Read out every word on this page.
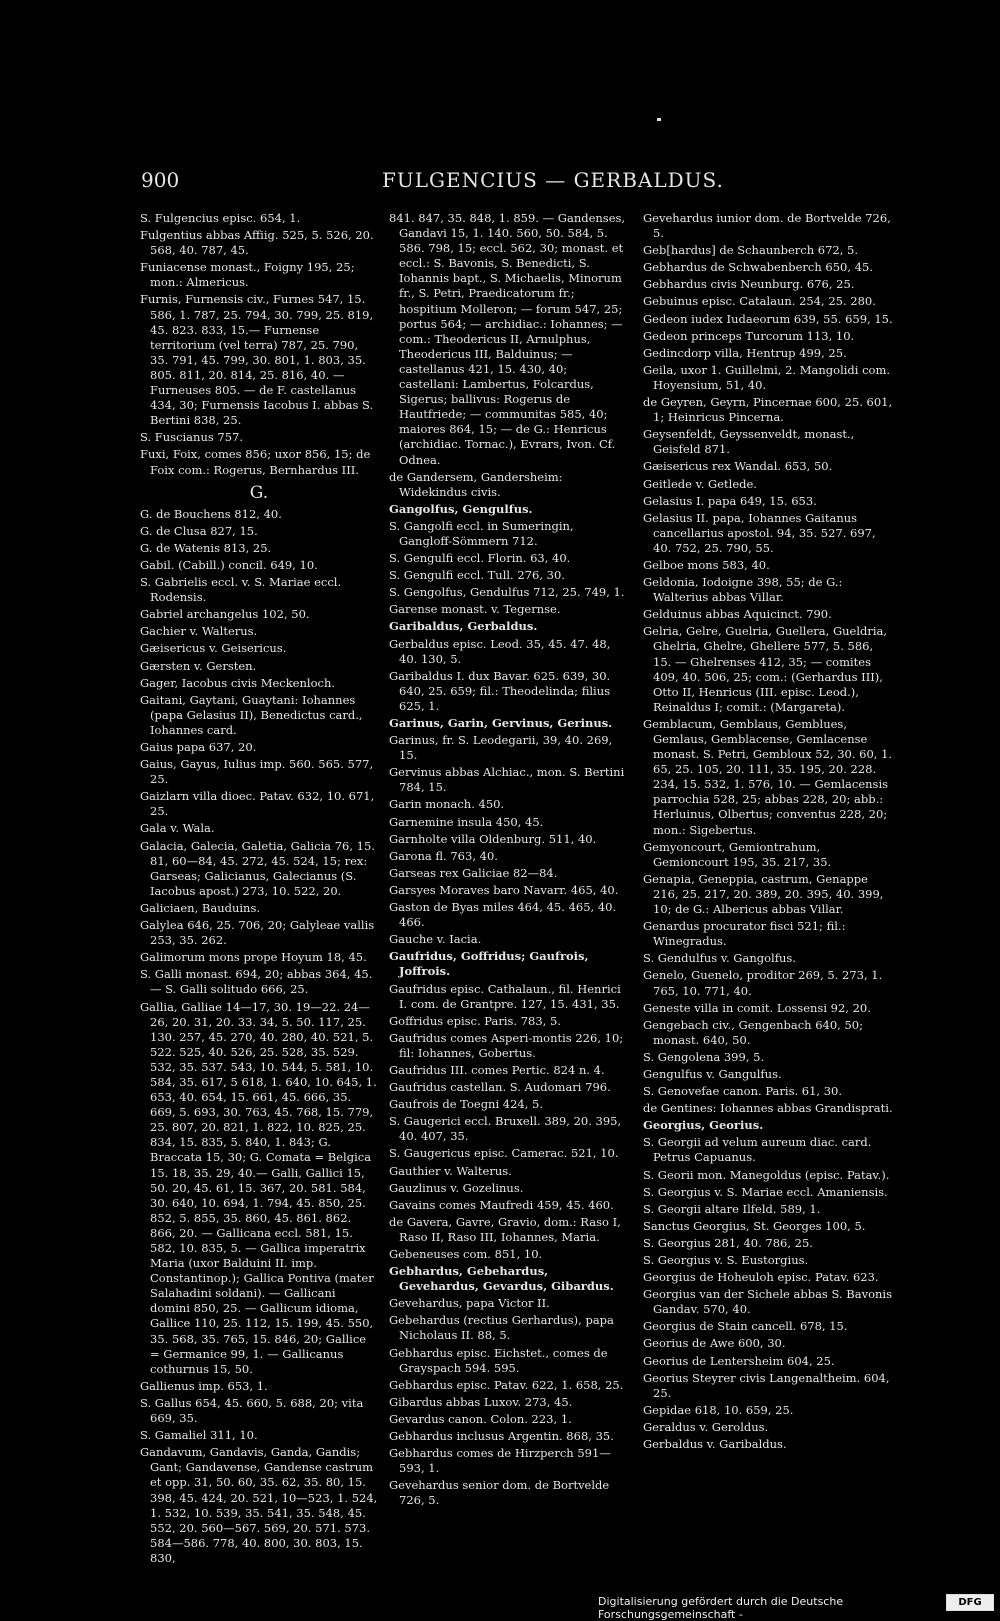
900	FULGENCIUS — GERBALDUS.
S. Fulgencius episc. 654, 1.
Fulgentius abbas Affiig. 525, 5. 526, 20. 568, 40. 787, 45.
Funiacense monast., Foigny 195, 25; mon.: Almericus.
Furnis, Furnensis civ., Furnes 547, 15. 586, 1. 787, 25. 794, 30. 799, 25. 819, 45. 823. 833, 15.— Furnense territorium (vel terra) 787, 25. 790, 35. 791, 45. 799, 30. 801, 1. 803, 35. 805. 811, 20. 814, 25. 816, 40. — Furneuses 805. — de F. castellanus 434, 30; Furnensis Iacobus I. abbas S. Bertini 838, 25.
S. Fuscianus 757.
Fuxi, Foix, comes 856; uxor 856, 15; de Foix com.: Rogerus, Bernhardus III.
G.
G. de Bouchens 812, 40.
G. de Clusa 827, 15.
G. de Watenis 813, 25.
Gabil. (Cabill.) concil. 649, 10.
S. Gabrielis eccl. v. S. Mariae eccl. Rodensis.
Gabriel archangelus 102, 50.
Gachier v. Walterus.
Gæisericus v. Geisericus.
Gærsten v. Gersten.
Gager, Iacobus civis Meckenloch.
Gaitani, Gaytani, Guaytani: Iohannes (papa Gelasius II), Benedictus card., Iohannes card.
Gaius papa 637, 20.
Gaius, Gayus, Iulius imp. 560. 565. 577, 25.
Gaizlarn villa dioec. Patav. 632, 10. 671, 25.
Gala v. Wala.
Galacia, Galecia, Galetia, Galicia 76, 15. 81, 60—84, 45. 272, 45. 524, 15; rex: Garseas; Galicianus, Galecianus (S. Iacobus apost.) 273, 10. 522, 20.
Galiciaen, Bauduins.
Galylea 646, 25. 706, 20; Galyleae vallis 253, 35. 262.
Galimorum mons prope Hoyum 18, 45.
S. Galli monast. 694, 20; abbas 364, 45. — S. Galli solitudo 666, 25.
Gallia, Galliae 14—17, 30. 19—22. 24—26, 20. 31, 20. 33. 34, 5. 50. 117, 25. 130. 257, 45. 270, 40. 280, 40. 521, 5. 522. 525, 40. 526, 25. 528, 35. 529. 532, 35. 537. 543, 10. 544, 5. 581, 10. 584, 35. 617, 5 618, 1. 640, 10. 645, 1. 653, 40. 654, 15. 661, 45. 666, 35. 669, 5. 693, 30. 763, 45. 768, 15. 779, 25. 807, 20. 821, 1. 822, 10. 825, 25. 834, 15. 835, 5. 840, 1. 843; G. Braccata 15, 30; G. Comata = Belgica 15. 18, 35. 29, 40.— Galli, Gallici 15, 50. 20, 45. 61, 15. 367, 20. 581. 584, 30. 640, 10. 694, 1. 794, 45. 850, 25. 852, 5. 855, 35. 860, 45. 861. 862. 866, 20. — Gallicana eccl. 581, 15. 582, 10. 835, 5. — Gallica imperatrix Maria (uxor Balduini II. imp. Constantinop.); Gallica Pontiva (mater Salahadini soldani). — Gallicani domini 850, 25. — Gallicum idioma, Gallice 110, 25. 112, 15. 199, 45. 550, 35. 568, 35. 765, 15. 846, 20; Gallice = Germanice 99, 1. — Gallicanus cothurnus 15, 50.
Gallienus imp. 653, 1.
S. Gallus 654, 45. 660, 5. 688, 20; vita 669, 35.
S. Gamaliel 311, 10.
Gandavum, Gandavis, Ganda, Gandis; Gant; Gandavense, Gandense castrum et opp. 31, 50. 60, 35. 62, 35. 80, 15. 398, 45. 424, 20. 521, 10—523, 1. 524, 1. 532, 10. 539, 35. 541, 35. 548, 45. 552, 20. 560—567. 569, 20. 571. 573. 584—586. 778, 40. 800, 30. 803, 15. 830,
841. 847, 35. 848, 1. 859. — Gandenses, Gandavi 15, 1. 140. 560, 50. 584, 5. 586. 798, 15; eccl. 562, 30; monast. et eccl.: S. Bavonis, S. Benedicti, S. Iohannis bapt., S. Michaelis, Minorum fr., S. Petri, Praedicatorum fr.; hospitium Molleron; — forum 547, 25; portus 564; — archidiac.: Iohannes; — com.: Theodericus II, Arnulphus, Theodericus III, Balduinus; — castellanus 421, 15. 430, 40; castellani: Lambertus, Folcardus, Sigerus; ballivus: Rogerus de Hautfriede; — communitas 585, 40; maiores 864, 15; — de G.: Henricus (archidiac. Tornac.), Evrars, Ivon. Cf. Odnea.
de Gandersem, Gandersheim: Widekindus civis.
Gangolfus, Gengulfus.
S. Gangolfi eccl. in Sumeringin, Gangloff-Sömmern 712.
S. Gengulfi eccl. Florin. 63, 40.
S. Gengulfi eccl. Tull. 276, 30.
S. Gengolfus, Gendulfus 712, 25. 749, 1.
Garense monast. v. Tegernse.
Garibaldus, Gerbaldus.
Gerbaldus episc. Leod. 35, 45. 47. 48, 40. 130, 5.
Garibaldus I. dux Bavar. 625. 639, 30. 640, 25. 659; fil.: Theodelinda; filius 625, 1.
Garinus, Garin, Gervinus, Gerinus.
Garinus, fr. S. Leodegarii, 39, 40. 269, 15.
Gervinus abbas Alchiac., mon. S. Bertini 784, 15.
Garin monach. 450.
Garnemine insula 450, 45.
Garnholte villa Oldenburg. 511, 40.
Garona fl. 763, 40.
Garseas rex Galiciae 82—84.
Garsyes Moraves baro Navarr. 465, 40.
Gaston de Byas miles 464, 45. 465, 40. 466.
Gauche v. Iacia.
Gaufridus, Goffridus; Gaufrois, Joffrois.
Gaufridus episc. Cathalaun., fil. Henrici I. com. de Grantpre. 127, 15. 431, 35.
Goffridus episc. Paris. 783, 5.
Gaufridus comes Asperi-montis 226, 10; fil: Iohannes, Gobertus.
Gaufridus III. comes Pertic. 824 n. 4.
Gaufridus castellan. S. Audomari 796.
Gaufrois de Toegni 424, 5.
S. Gaugerici eccl. Bruxell. 389, 20. 395, 40. 407, 35.
S. Gaugericus episc. Camerac. 521, 10.
Gauthier v. Walterus.
Gauzlinus v. Gozelinus.
Gavains comes Maufredi 459, 45. 460.
de Gavera, Gavre, Gravio, dom.: Raso I, Raso II, Raso III, Iohannes, Maria.
Gebeneuses com. 851, 10.
Gebhardus, Gebehardus, Gevehardus, Gevardus, Gibardus.
Gevehardus, papa Victor II.
Gebehardus (rectius Gerhardus), papa Nicholaus II. 88, 5.
Gebhardus episc. Eichstet., comes de Grayspach 594. 595.
Gebhardus episc. Patav. 622, 1. 658, 25.
Gibardus abbas Luxov. 273, 45.
Gevardus canon. Colon. 223, 1.
Gebhardus inclusus Argentin. 868, 35.
Gebhardus comes de Hirzperch 591—593, 1.
Gevehardus senior dom. de Bortvelde 726, 5.
Gevehardus iunior dom. de Bortvelde 726, 5.
Geb[hardus] de Schaunberch 672, 5.
Gebhardus de Schwabenberch 650, 45.
Gebhardus civis Neunburg. 676, 25.
Gebuinus episc. Catalaun. 254, 25. 280.
Gedeon iudex Iudaeorum 639, 55. 659, 15.
Gedeon princeps Turcorum 113, 10.
Gedincdorp villa, Hentrup 499, 25.
Geila, uxor 1. Guillelmi, 2. Mangolidi com. Hoyensium, 51, 40.
de Geyren, Geyrn, Pincernae 600, 25. 601, 1; Heinricus Pincerna.
Geysenfeldt, Geyssenveldt, monast., Geisfeld 871.
Gæisericus rex Wandal. 653, 50.
Geitlede v. Getlede.
Gelasius I. papa 649, 15. 653.
Gelasius II. papa, Iohannes Gaitanus cancellarius apostol. 94, 35. 527. 697, 40. 752, 25. 790, 55.
Gelboe mons 583, 40.
Geldonia, Iodoigne 398, 55; de G.: Walterius abbas Villar.
Gelduinus abbas Aquicinct. 790.
Gelria, Gelre, Guelria, Guellera, Gueldria, Ghelria, Ghelre, Ghellere 577, 5. 586, 15. — Ghelrenses 412, 35; — comites 409, 40. 506, 25; com.: (Gerhardus III), Otto II, Henricus (III. episc. Leod.), Reinaldus I; comit.: (Margareta).
Gemblacum, Gemblaus, Gemblues, Gemlaus, Gemblacense, Gemlacense monast. S. Petri, Gembloux 52, 30. 60, 1. 65, 25. 105, 20. 111, 35. 195, 20. 228. 234, 15. 532, 1. 576, 10. — Gemlacensis parrochia 528, 25; abbas 228, 20; abb.: Herluinus, Olbertus; conventus 228, 20; mon.: Sigebertus.
Gemyoncourt, Gemiontrahum, Gemioncourt 195, 35. 217, 35.
Genapia, Geneppia, castrum, Genappe 216, 25. 217, 20. 389, 20. 395, 40. 399, 10; de G.: Albericus abbas Villar.
Genardus procurator fisci 521; fil.: Winegradus.
S. Gendulfus v. Gangolfus.
Genelo, Guenelo, proditor 269, 5. 273, 1. 765, 10. 771, 40.
Geneste villa in comit. Lossensi 92, 20.
Gengebach civ., Gengenbach 640, 50; monast. 640, 50.
S. Gengolena 399, 5.
Gengulfus v. Gangulfus.
S. Genovefae canon. Paris. 61, 30.
de Gentines: Iohannes abbas Grandisprati.
Georgius, Georius.
S. Georgii ad velum aureum diac. card. Petrus Capuanus.
S. Georii mon. Manegoldus (episc. Patav.).
S. Georgius v. S. Mariae eccl. Amaniensis.
S. Georgii altare Ilfeld. 589, 1.
Sanctus Georgius, St. Georges 100, 5.
S. Georgius 281, 40. 786, 25.
S. Georgius v. S. Eustorgius.
Georgius de Hoheuloh episc. Patav. 623.
Georgius van der Sichele abbas S. Bavonis Gandav. 570, 40.
Georgius de Stain cancell. 678, 15.
Georius de Awe 600, 30.
Georius de Lentersheim 604, 25.
Georius Steyrer civis Langenaltheim. 604, 25.
Gepidae 618, 10. 659, 25.
Geraldus v. Geroldus.
Gerbaldus v. Garibaldus.
Digitalisierung gefördert durch die Deutsche Forschungsgemeinschaft -
DFG
